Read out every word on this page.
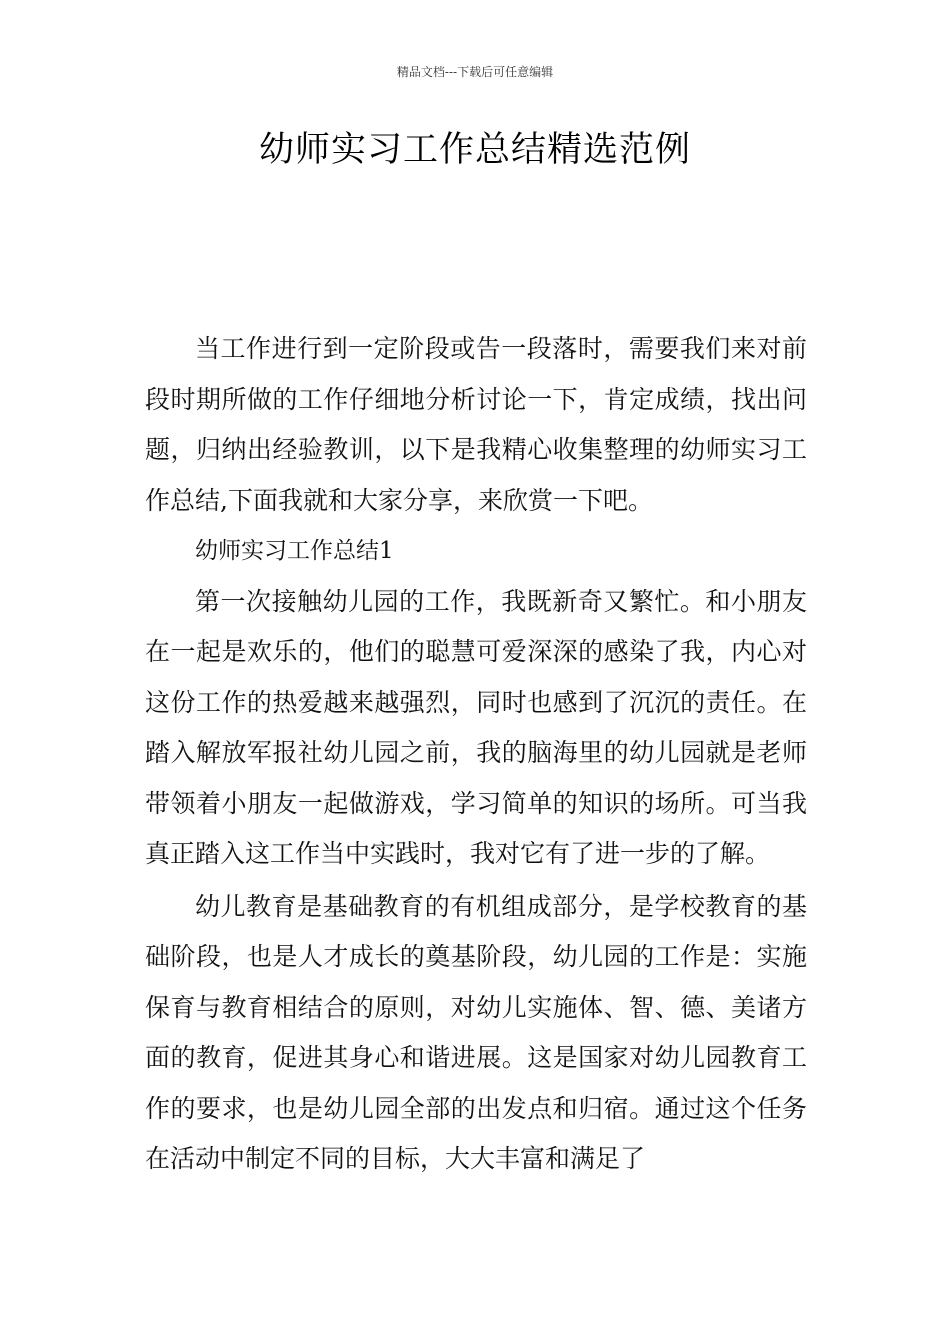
精品文档---下载后可任意编辑
幼师实习工作总结精选范例

当工作进行到一定阶段或告一段落时，需要我们来对前段时期所做的工作仔细地分析讨论一下，肯定成绩，找出问题，归纳出经验教训，以下是我精心收集整理的幼师实习工作总结,下面我就和大家分享，来欣赏一下吧。

幼师实习工作总结1

第一次接触幼儿园的工作，我既新奇又繁忙。和小朋友在一起是欢乐的，他们的聪慧可爱深深的感染了我，内心对这份工作的热爱越来越强烈，同时也感到了沉沉的责任。在踏入解放军报社幼儿园之前，我的脑海里的幼儿园就是老师带领着小朋友一起做游戏，学习简单的知识的场所。可当我真正踏入这工作当中实践时，我对它有了进一步的了解。

幼儿教育是基础教育的有机组成部分，是学校教育的基础阶段，也是人才成长的奠基阶段，幼儿园的工作是：实施保育与教育相结合的原则，对幼儿实施体、智、德、美诸方面的教育，促进其身心和谐进展。这是国家对幼儿园教育工作的要求，也是幼儿园全部的出发点和归宿。通过这个任务在活动中制定不同的目标，大大丰富和满足了
